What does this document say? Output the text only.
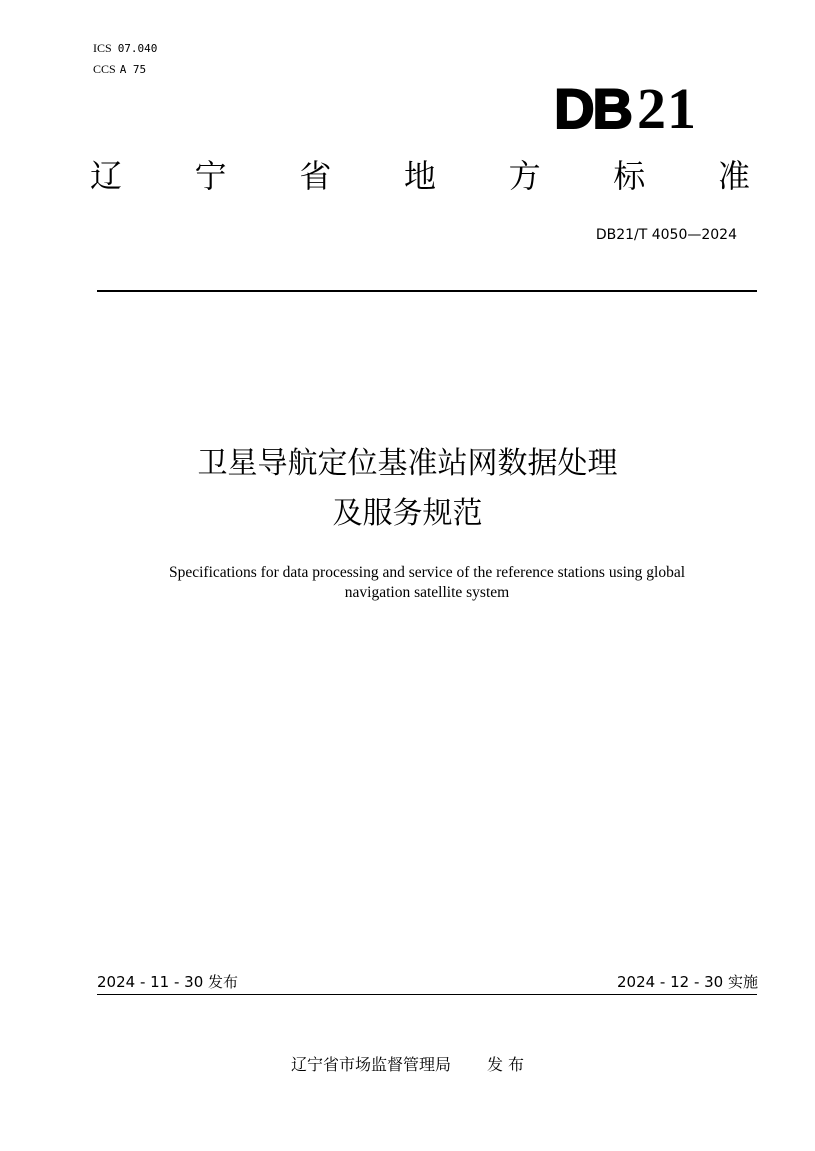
ICS 07.040
CCS A 75
DB 21
辽 宁 省 地 方 标 准
DB21/T 4050—2024
卫星导航定位基准站网数据处理
及服务规范
Specifications for data processing and service of the reference stations using global
navigation satellite system
2024 - 11 - 30 发布	2024 - 12 - 30 实施
辽宁省市场监督管理局 发 布
